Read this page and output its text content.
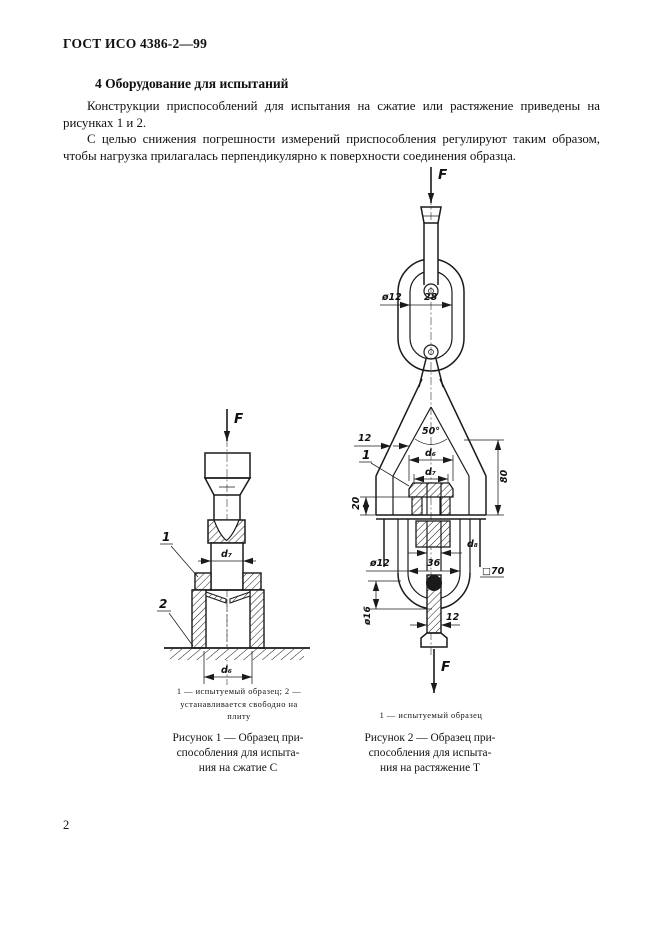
ГОСТ ИСО 4386-2—99
4 Оборудование для испытаний

Конструкции приспособлений для испытания на сжатие или растяжение приведены на рисунках 1 и 2.

С целью снижения погрешности измерений приспособления регулируют таким образом, чтобы нагрузка прилагалась перпендикулярно к поверхности соединения образца.

F
d₇
d₆
1
2
F
ø12 28
50°
12
d₆
d₇
1
20
80
d₈
ø12	36
□70
ø16	12
F
1 — испытуемый образец; 2 —
устанавливается свободно на
плиту	1 — испытуемый образец
Рисунок 1 — Образец при-
способления для испыта-
ния на сжатие С
Рисунок 2 — Образец при-
способления для испыта-
ния на растяжение Т
2
